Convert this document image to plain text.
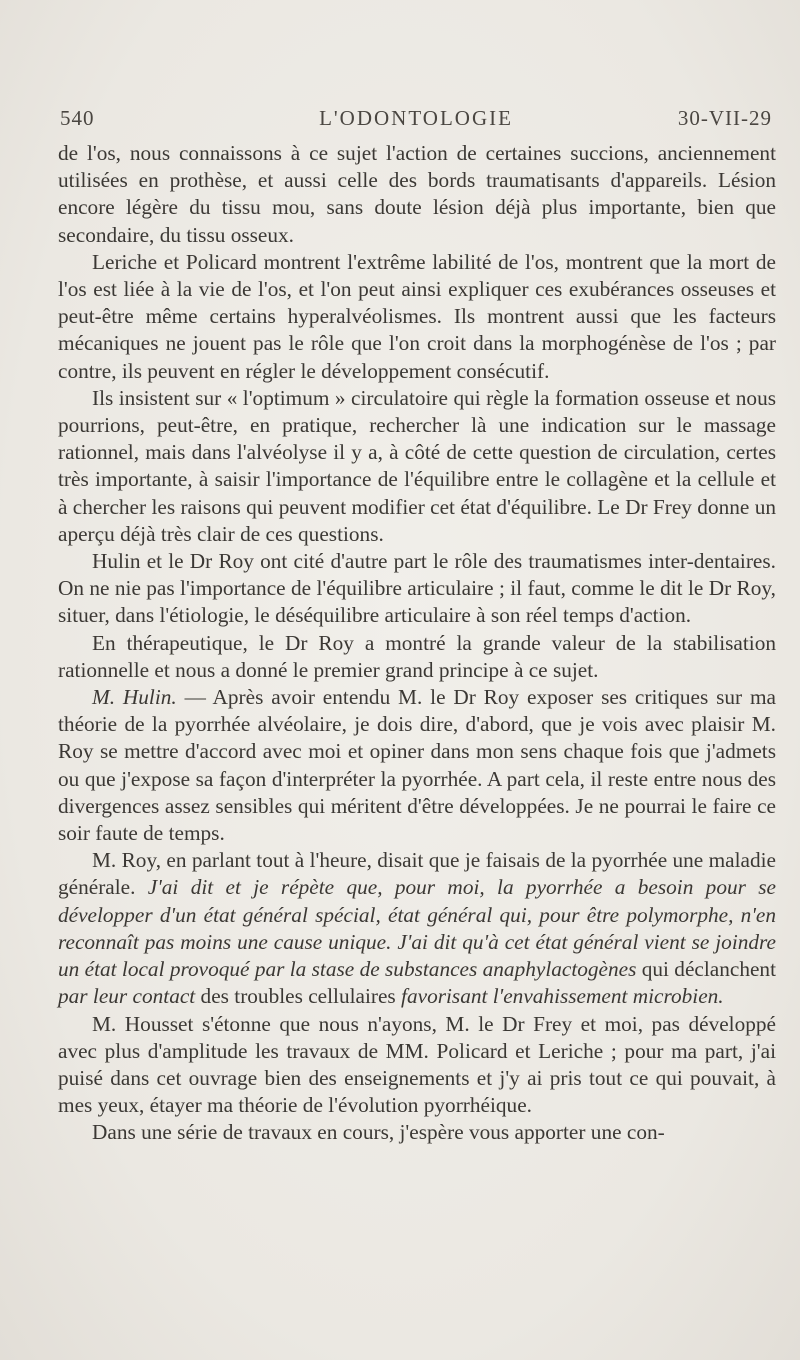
540	L'ODONTOLOGIE	30-VII-29

de l'os, nous connaissons à ce sujet l'action de certaines succions, anciennement utilisées en prothèse, et aussi celle des bords traumatisants d'appareils. Lésion encore légère du tissu mou, sans doute lésion déjà plus importante, bien que secondaire, du tissu osseux.

Leriche et Policard montrent l'extrême labilité de l'os, montrent que la mort de l'os est liée à la vie de l'os, et l'on peut ainsi expliquer ces exubérances osseuses et peut-être même certains hyperalvéolismes. Ils montrent aussi que les facteurs mécaniques ne jouent pas le rôle que l'on croit dans la morphogénèse de l'os ; par contre, ils peuvent en régler le développement consécutif.

Ils insistent sur « l'optimum » circulatoire qui règle la formation osseuse et nous pourrions, peut-être, en pratique, rechercher là une indication sur le massage rationnel, mais dans l'alvéolyse il y a, à côté de cette question de circulation, certes très importante, à saisir l'importance de l'équilibre entre le collagène et la cellule et à chercher les raisons qui peuvent modifier cet état d'équilibre. Le Dr Frey donne un aperçu déjà très clair de ces questions.

Hulin et le Dr Roy ont cité d'autre part le rôle des traumatismes inter-dentaires. On ne nie pas l'importance de l'équilibre articulaire ; il faut, comme le dit le Dr Roy, situer, dans l'étiologie, le déséquilibre articulaire à son réel temps d'action.

En thérapeutique, le Dr Roy a montré la grande valeur de la stabilisation rationnelle et nous a donné le premier grand principe à ce sujet.

M. Hulin. — Après avoir entendu M. le Dr Roy exposer ses critiques sur ma théorie de la pyorrhée alvéolaire, je dois dire, d'abord, que je vois avec plaisir M. Roy se mettre d'accord avec moi et opiner dans mon sens chaque fois que j'admets ou que j'expose sa façon d'interpréter la pyorrhée. A part cela, il reste entre nous des divergences assez sensibles qui méritent d'être développées. Je ne pourrai le faire ce soir faute de temps.

M. Roy, en parlant tout à l'heure, disait que je faisais de la pyorrhée une maladie générale. J'ai dit et je répète que, pour moi, la pyorrhée a besoin pour se développer d'un état général spécial, état général qui, pour être polymorphe, n'en reconnaît pas moins une cause unique. J'ai dit qu'à cet état général vient se joindre un état local provoqué par la stase de substances anaphylactogènes qui déclanchent par leur contact des troubles cellulaires favorisant l'envahissement microbien.

M. Housset s'étonne que nous n'ayons, M. le Dr Frey et moi, pas développé avec plus d'amplitude les travaux de MM. Policard et Leriche ; pour ma part, j'ai puisé dans cet ouvrage bien des enseignements et j'y ai pris tout ce qui pouvait, à mes yeux, étayer ma théorie de l'évolution pyorrhéique.

Dans une série de travaux en cours, j'espère vous apporter une con-
